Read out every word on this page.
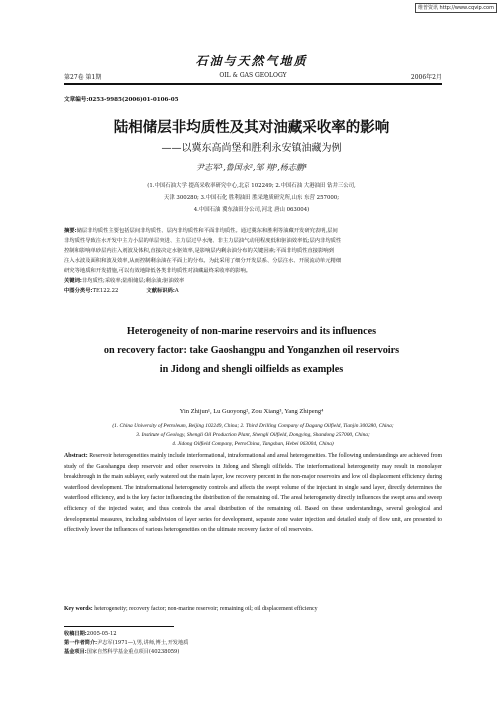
维普资讯 http://www.cqvip.com
石油与天然气地质
第27卷 第1期	OIL & GAS GEOLOGY	2006年2月
文章编号:0253-9985(2006)01-0106-05
陆相储层非均质性及其对油藏采收率的影响
——以冀东高尚堡和胜利永安镇油藏为例
尹志军¹,鲁国永²,邹 翔³,杨志鹏⁴
(1.中国石油大学 提高采收率研究中心,北京 102249; 2.中国石油 大港油田 钻井三公司,
天津 300280; 3.中国石化 胜利油田 胜采地质研究所,山东 东营 257000;
4.中国石油 冀东油田分公司,河北 唐山 063004)
摘要:储层非均质性主要包括层间非均质性、层内非均质性和平面非均质性。通过冀东和胜利等油藏开发研究表明,层间
非均质性导致注水开发中主力小层的单层突进、主力层过早水淹、非主力层油气动用程度低和驱油效率低;层内非均质性
控制和影响单砂层内注入剂波及体积,直接决定水驱效率,是影响层内剩余油分布的关键因素;平面非均质性直接影响到
注入水波及面积和波及效率,从而控制剩余油在平面上的分布。为此采用了细分开发层系、分层注水、开展流动单元精细
研究等地质和开发措施,可以有效地降低各类非均质性对油藏最终采收率的影响。
关键词:非均质性;采收率;陆相储层;剩余油;驱油效率
中图分类号:TE122.22	文献标识码:A
Heterogeneity of non-marine reservoirs and its influences
on recovery factor: take Gaoshangpu and Yonganzhen oil reservoirs
in Jidong and shengli oilfields as examples
Yin Zhijun¹, Lu Guoyong², Zou Xiang³, Yang Zhipeng⁴
(1. China University of Petroleum, Beijing 102249, China; 2. Third Drilling Company of Dagang Oilfield, Tianjin 300280, China;
3. Institute of Geology, Shengli Oil Production Plant, Shengli Oilfield, Dongying, Shandong 257000, China;
4. Jidong Oilfield Company, PetroChina, Tangshan, Hebei 063004, China)
Abstract: Reservoir heterogeneities mainly include interformational, intraformational and areal heterogeneities. The following understandings are achieved from study of the Gaoshangpu deep reservoir and other reservoirs in Jidong and Shengli oilfields. The interformational heterogeneity may result in monolayer breakthrough in the main sublayer, early watered out the main layer, low recovery percent in the non-major reservoirs and low oil displacement efficiency during waterflood development. The intraformational heterogeneity controls and affects the swept volume of the injectant in single sand layer, directly determines the waterflood efficiency, and is the key factor influencing the distribution of the remaining oil. The areal heterogeneity directly influences the swept area and sweep efficiency of the injected water, and thus controls the areal distribution of the remaining oil. Based on these understandings, several geological and developmental measures, including subdivision of layer series for development, separate zone water injection and detailed study of flow unit, are presented to effectively lower the influences of various heterogeneities on the ultimate recovery factor of oil reservoirs.
Key words: heterogeneity; recovery factor; non-marine reservoir; remaining oil; oil displacement efficiency
收稿日期:2005-05-12
第一作者简介:尹志军(1971—),男,讲师,博士,开发地质
基金项目:国家自然科学基金重点项目(40238059)
